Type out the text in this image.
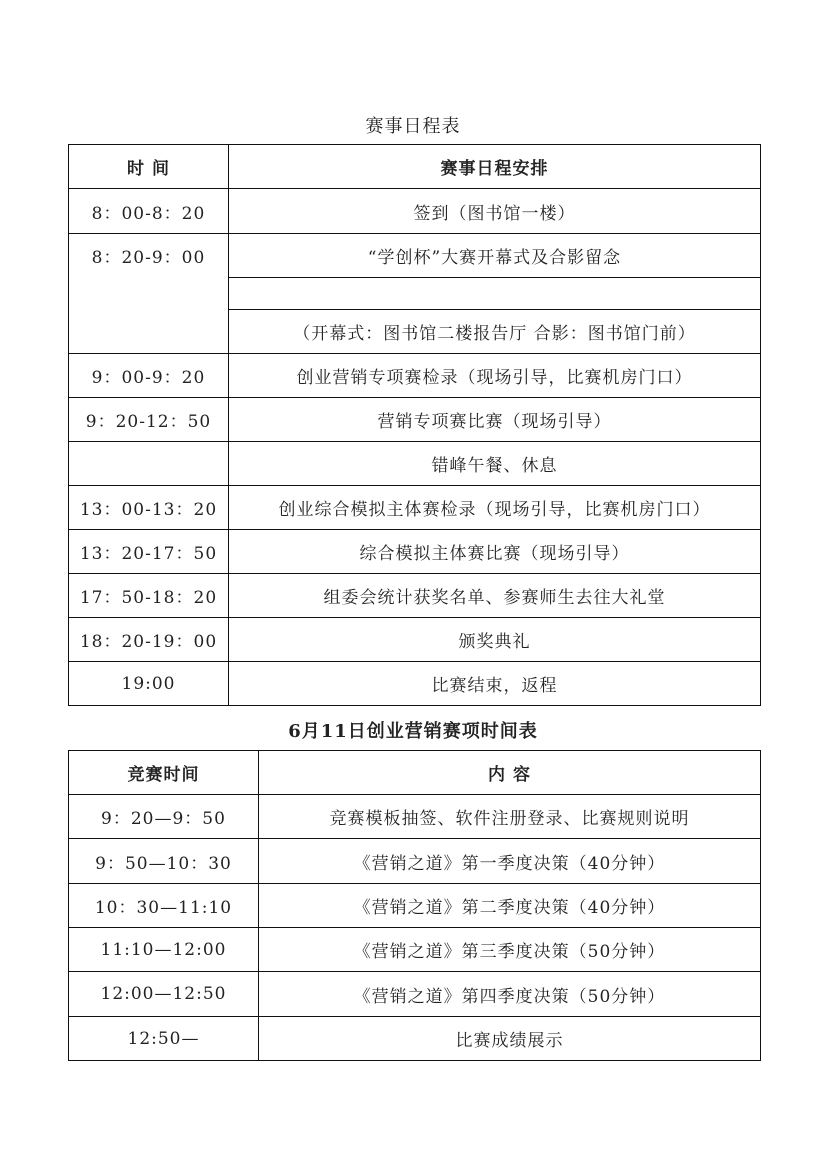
赛事日程表
时 间	赛事日程安排
8：00-8：20	签到（图书馆一楼）
8：20-9：00	“学创杯”大赛开幕式及合影留念

	（开幕式：图书馆二楼报告厅 合影：图书馆门前）
9：00-9：20	创业营销专项赛检录（现场引导，比赛机房门口）
9：20-12：50	营销专项赛比赛（现场引导）
	错峰午餐、休息
13：00-13：20	创业综合模拟主体赛检录（现场引导，比赛机房门口）
13：20-17：50	综合模拟主体赛比赛（现场引导）
17：50-18：20	组委会统计获奖名单、参赛师生去往大礼堂
18：20-19：00	颁奖典礼
19:00	比赛结束，返程
6月11日创业营销赛项时间表
竞赛时间	内 容
9：20—9：50	竞赛模板抽签、软件注册登录、比赛规则说明
9：50—10：30	《营销之道》第一季度决策（40分钟）
10：30—11:10	《营销之道》第二季度决策（40分钟）
11:10—12:00	《营销之道》第三季度决策（50分钟）
12:00—12:50	《营销之道》第四季度决策（50分钟）
12:50—	比赛成绩展示
